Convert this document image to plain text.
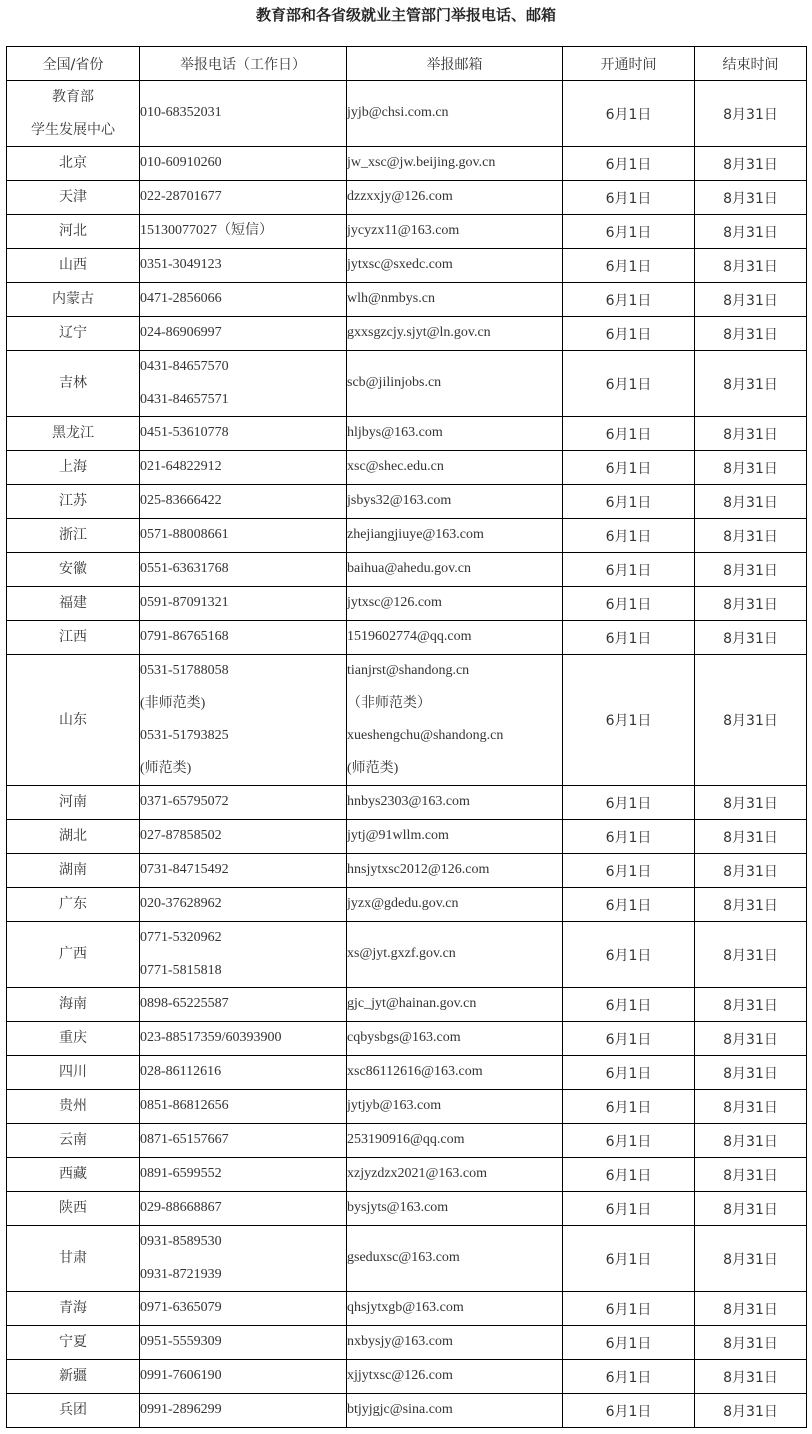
教育部和各省级就业主管部门举报电话、邮箱
全国/省份	举报电话（工作日）	举报邮箱	开通时间	结束时间

教育部
学生发展中心	010-68352031	jyjb@chsi.com.cn	6月1日	8月31日

北京	010-60910260	jw_xsc@jw.beijing.gov.cn	6月1日	8月31日

天津	022-28701677	dzzxxjy@126.com	6月1日	8月31日

河北	15130077027（短信）	jycyzx11@163.com	6月1日	8月31日

山西	0351-3049123	jytxsc@sxedc.com	6月1日	8月31日

内蒙古	0471-2856066	wlh@nmbys.cn	6月1日	8月31日

辽宁	024-86906997	gxxsgzcjy.sjyt@ln.gov.cn	6月1日	8月31日

吉林	0431-84657570
0431-84657571	scb@jilinjobs.cn	6月1日	8月31日

黑龙江	0451-53610778	hljbys@163.com	6月1日	8月31日

上海	021-64822912	xsc@shec.edu.cn	6月1日	8月31日

江苏	025-83666422	jsbys32@163.com	6月1日	8月31日

浙江	0571-88008661	zhejiangjiuye@163.com	6月1日	8月31日

安徽	0551-63631768	baihua@ahedu.gov.cn	6月1日	8月31日

福建	0591-87091321	jytxsc@126.com	6月1日	8月31日

江西	0791-86765168	1519602774@qq.com	6月1日	8月31日

山东	0531-51788058
(非师范类)
0531-51793825
(师范类)	tianjrst@shandong.cn
（非师范类）
xueshengchu@shandong.cn
(师范类)	6月1日	8月31日

河南	0371-65795072	hnbys2303@163.com	6月1日	8月31日

湖北	027-87858502	jytj@91wllm.com	6月1日	8月31日

湖南	0731-84715492	hnsjytxsc2012@126.com	6月1日	8月31日

广东	020-37628962	jyzx@gdedu.gov.cn	6月1日	8月31日

广西	0771-5320962
0771-5815818	xs@jyt.gxzf.gov.cn	6月1日	8月31日

海南	0898-65225587	gjc_jyt@hainan.gov.cn	6月1日	8月31日

重庆	023-88517359/60393900	cqbysbgs@163.com	6月1日	8月31日

四川	028-86112616	xsc86112616@163.com	6月1日	8月31日

贵州	0851-86812656	jytjyb@163.com	6月1日	8月31日

云南	0871-65157667	253190916@qq.com	6月1日	8月31日

西藏	0891-6599552	xzjyzdzx2021@163.com	6月1日	8月31日

陕西	029-88668867	bysjyts@163.com	6月1日	8月31日

甘肃	0931-8589530
0931-8721939	gseduxsc@163.com	6月1日	8月31日

青海	0971-6365079	qhsjytxgb@163.com	6月1日	8月31日

宁夏	0951-5559309	nxbysjy@163.com	6月1日	8月31日

新疆	0991-7606190	xjjytxsc@126.com	6月1日	8月31日

兵团	0991-2896299	btjyjgjc@sina.com	6月1日	8月31日
